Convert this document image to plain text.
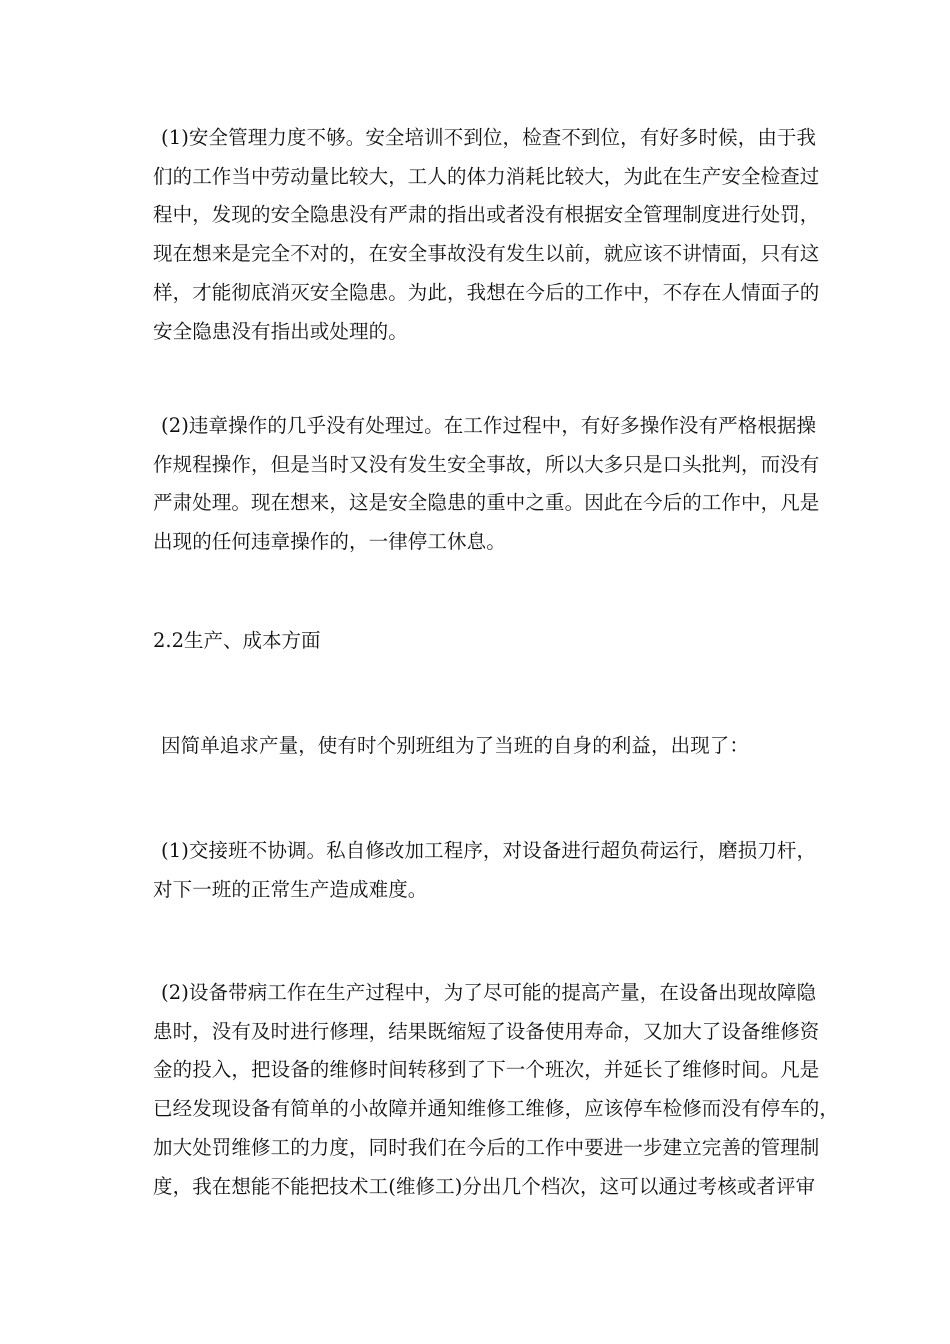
(1)安全管理力度不够。安全培训不到位，检查不到位，有好多时候，由于我
们的工作当中劳动量比较大，工人的体力消耗比较大，为此在生产安全检查过
程中，发现的安全隐患没有严肃的指出或者没有根据安全管理制度进行处罚，
现在想来是完全不对的，在安全事故没有发生以前，就应该不讲情面，只有这
样，才能彻底消灭安全隐患。为此，我想在今后的工作中，不存在人情面子的
安全隐患没有指出或处理的。
(2)违章操作的几乎没有处理过。在工作过程中，有好多操作没有严格根据操
作规程操作，但是当时又没有发生安全事故，所以大多只是口头批判，而没有
严肃处理。现在想来，这是安全隐患的重中之重。因此在今后的工作中，凡是
出现的任何违章操作的，一律停工休息。
2.2生产、成本方面
因简单追求产量，使有时个别班组为了当班的自身的利益，出现了：
(1)交接班不协调。私自修改加工程序，对设备进行超负荷运行，磨损刀杆，
对下一班的正常生产造成难度。
(2)设备带病工作在生产过程中，为了尽可能的提高产量，在设备出现故障隐
患时，没有及时进行修理，结果既缩短了设备使用寿命，又加大了设备维修资
金的投入，把设备的维修时间转移到了下一个班次，并延长了维修时间。凡是
已经发现设备有简单的小故障并通知维修工维修，应该停车检修而没有停车的，
加大处罚维修工的力度，同时我们在今后的工作中要进一步建立完善的管理制
度，我在想能不能把技术工(维修工)分出几个档次，这可以通过考核或者评审
